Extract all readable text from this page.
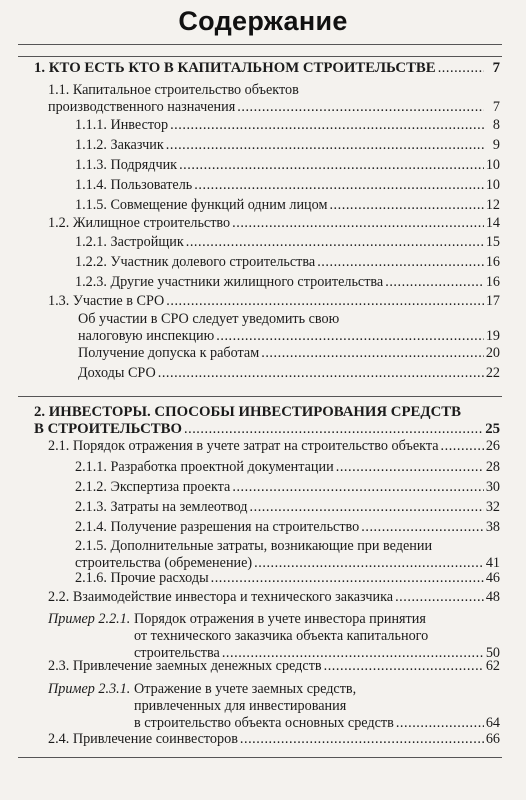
Содержание
1. КТО ЕСТЬ КТО В КАПИТАЛЬНОМ СТРОИТЕЛЬСТВЕ . . .	7
1.1. Капитальное строительство объектов
производственного назначения . . .	7
1.1.1. Инвестор . . .	8
1.1.2. Заказчик . . .	9
1.1.3. Подрядчик . . .	10
1.1.4. Пользователь . . .	10
1.1.5. Совмещение функций одним лицом . . .	12
1.2. Жилищное строительство . . .	14
1.2.1. Застройщик . . .	15
1.2.2. Участник долевого строительства . . .	16
1.2.3. Другие участники жилищного строительства . . .	16
1.3. Участие в СРО . . .	17
Об участии в СРО следует уведомить свою
налоговую инспекцию . . .	19
Получение допуска к работам . . .	20
Доходы СРО . . .	22
2. ИНВЕСТОРЫ. СПОСОБЫ ИНВЕСТИРОВАНИЯ СРЕДСТВ
В СТРОИТЕЛЬСТВО . . .	25
2.1. Порядок отражения в учете затрат на строительство объекта . . .	26
2.1.1. Разработка проектной документации . . .	28
2.1.2. Экспертиза проекта . . .	30
2.1.3. Затраты на землеотвод . . .	32
2.1.4. Получение разрешения на строительство . . .	38
2.1.5. Дополнительные затраты, возникающие при ведении
строительства (обременение) . . .	41
2.1.6. Прочие расходы . . .	46
2.2. Взаимодействие инвестора и технического заказчика . . .	48
Пример 2.2.1. Порядок отражения в учете инвестора принятия
от технического заказчика объекта капитального
строительства . . .	50
2.3. Привлечение заемных денежных средств . . .	62
Пример 2.3.1. Отражение в учете заемных средств,
привлеченных для инвестирования
в строительство объекта основных средств . . .	64
2.4. Привлечение соинвесторов . . .	66
